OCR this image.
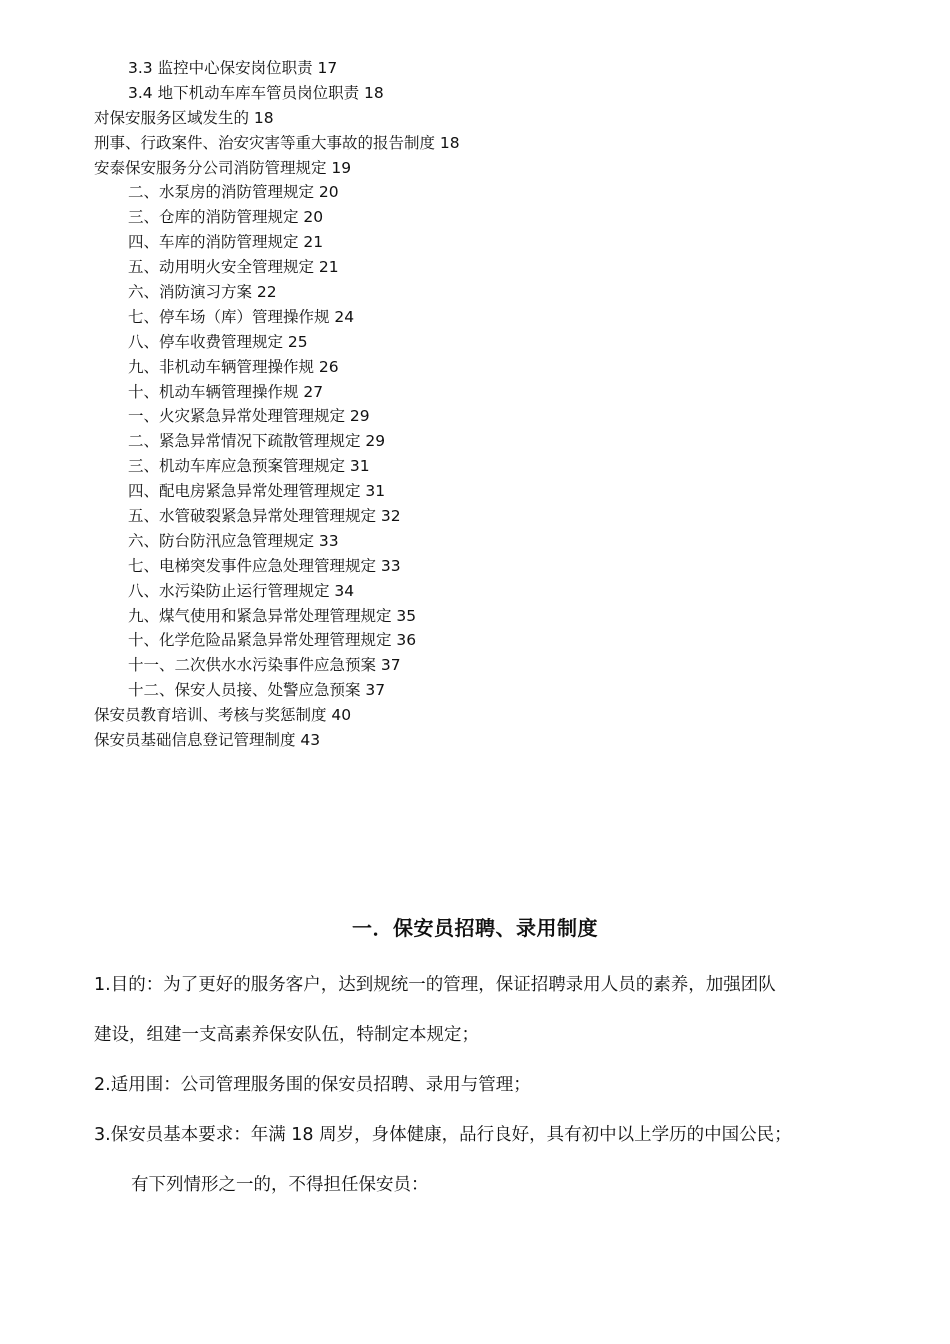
3.3 监控中心保安岗位职责 17
3.4 地下机动车库车管员岗位职责 18
对保安服务区域发生的 18
刑事、行政案件、治安灾害等重大事故的报告制度 18
安泰保安服务分公司消防管理规定 19
二、水泵房的消防管理规定 20
三、仓库的消防管理规定 20
四、车库的消防管理规定 21
五、动用明火安全管理规定 21
六、消防演习方案 22
七、停车场（库）管理操作规 24
八、停车收费管理规定 25
九、非机动车辆管理操作规 26
十、机动车辆管理操作规 27
一、火灾紧急异常处理管理规定 29
二、紧急异常情况下疏散管理规定 29
三、机动车库应急预案管理规定 31
四、配电房紧急异常处理管理规定 31
五、水管破裂紧急异常处理管理规定 32
六、防台防汛应急管理规定 33
七、电梯突发事件应急处理管理规定 33
八、水污染防止运行管理规定 34
九、煤气使用和紧急异常处理管理规定 35
十、化学危险品紧急异常处理管理规定 36
十一、二次供水水污染事件应急预案 37
十二、保安人员接、处警应急预案 37
保安员教育培训、考核与奖惩制度 40
保安员基础信息登记管理制度 43
一．保安员招聘、录用制度
1.目的：为了更好的服务客户，达到规统一的管理，保证招聘录用人员的素养，加强团队
建设，组建一支高素养保安队伍，特制定本规定；
2.适用围：公司管理服务围的保安员招聘、录用与管理；
3.保安员基本要求：年满 18 周岁，身体健康，品行良好，具有初中以上学历的中国公民；
有下列情形之一的，不得担任保安员：
